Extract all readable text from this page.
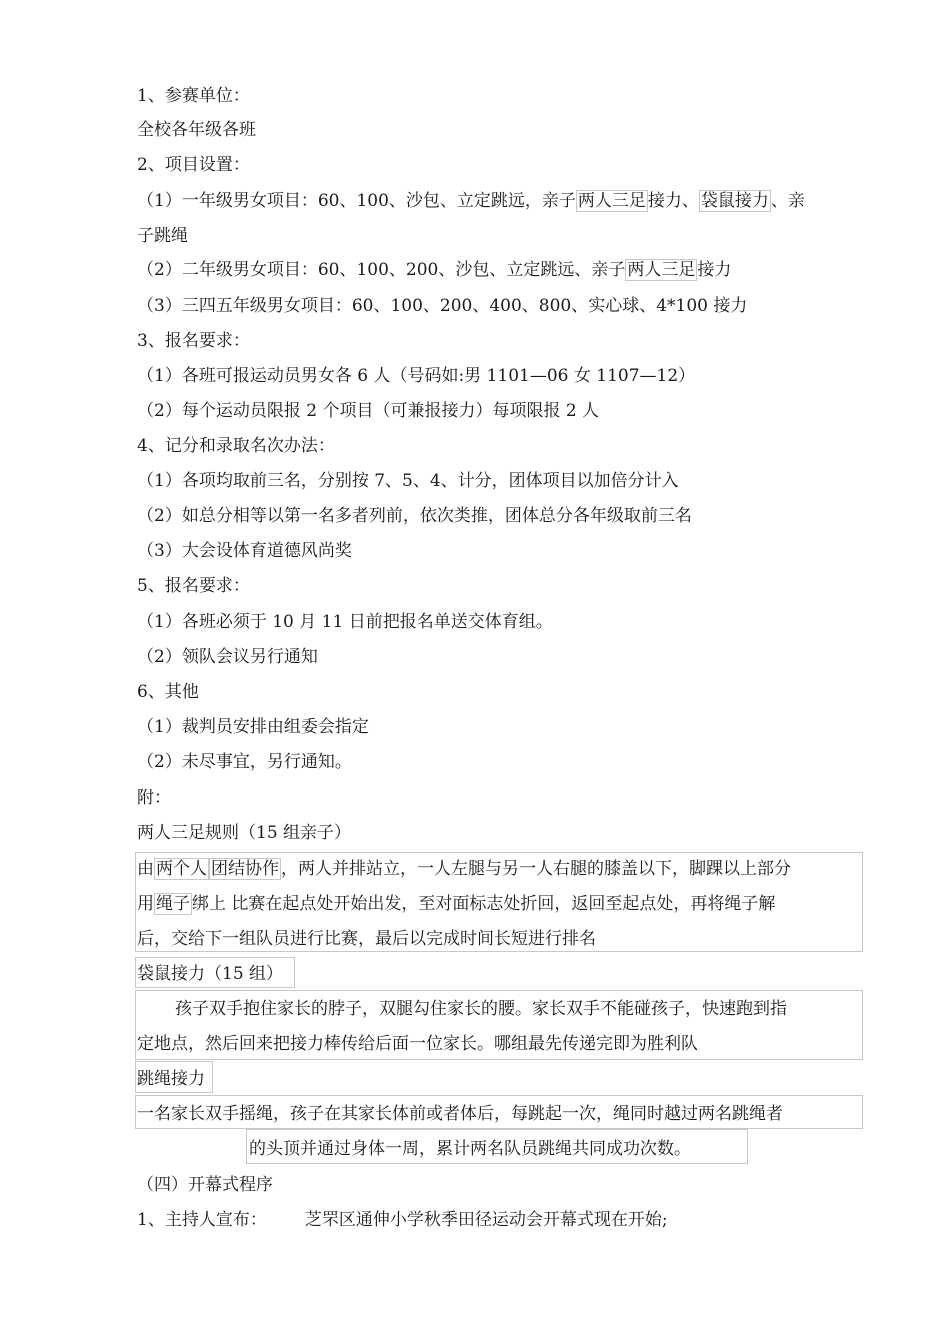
1、参赛单位：
全校各年级各班
2、项目设置：
（1）一年级男女项目：60、100、沙包、立定跳远，亲子 两人三足 接力、 袋鼠接力 、亲
子跳绳
（2）二年级男女项目：60、100、200、沙包、立定跳远、亲子 两人三足 接力
（3）三四五年级男女项目：60、100、200、400、800、实心球、4*100 接力
3、报名要求：
（1）各班可报运动员男女各 6 人（号码如:男 1101—06 女 1107—12）
（2）每个运动员限报 2 个项目（可兼报接力）每项限报 2 人
4、记分和录取名次办法：
（1）各项均取前三名，分别按 7、5、4、计分，团体项目以加倍分计入
（2）如总分相等以第一名多者列前，依次类推，团体总分各年级取前三名
（3）大会设体育道德风尚奖
5、报名要求：
（1）各班必须于 10 月 11 日前把报名单送交体育组。
（2）领队会议另行通知
6、其他
（1）裁判员安排由组委会指定
（2）未尽事宜，另行通知。
附：
两人三足规则（15 组亲子）
由 两个人 团结协作 ，两人并排站立，一人左腿与另一人右腿的膝盖以下，脚踝以上部分
用 绳子 绑上 比赛在起点处开始出发，至对面标志处折回，返回至起点处，再将绳子解
后，交给下一组队员进行比赛，最后以完成时间长短进行排名
袋鼠接力（15 组）
孩子双手抱住家长的脖子，双腿勾住家长的腰。家长双手不能碰孩子，快速跑到指
定地点，然后回来把接力棒传给后面一位家长。哪组最先传递完即为胜利队
跳绳接力
一名家长双手摇绳，孩子在其家长体前或者体后，每跳起一次，绳同时越过两名跳绳者
的头顶并通过身体一周，累计两名队员跳绳共同成功次数。
（四）开幕式程序
1、主持人宣布： 芝罘区通伸小学秋季田径运动会开幕式现在开始;
